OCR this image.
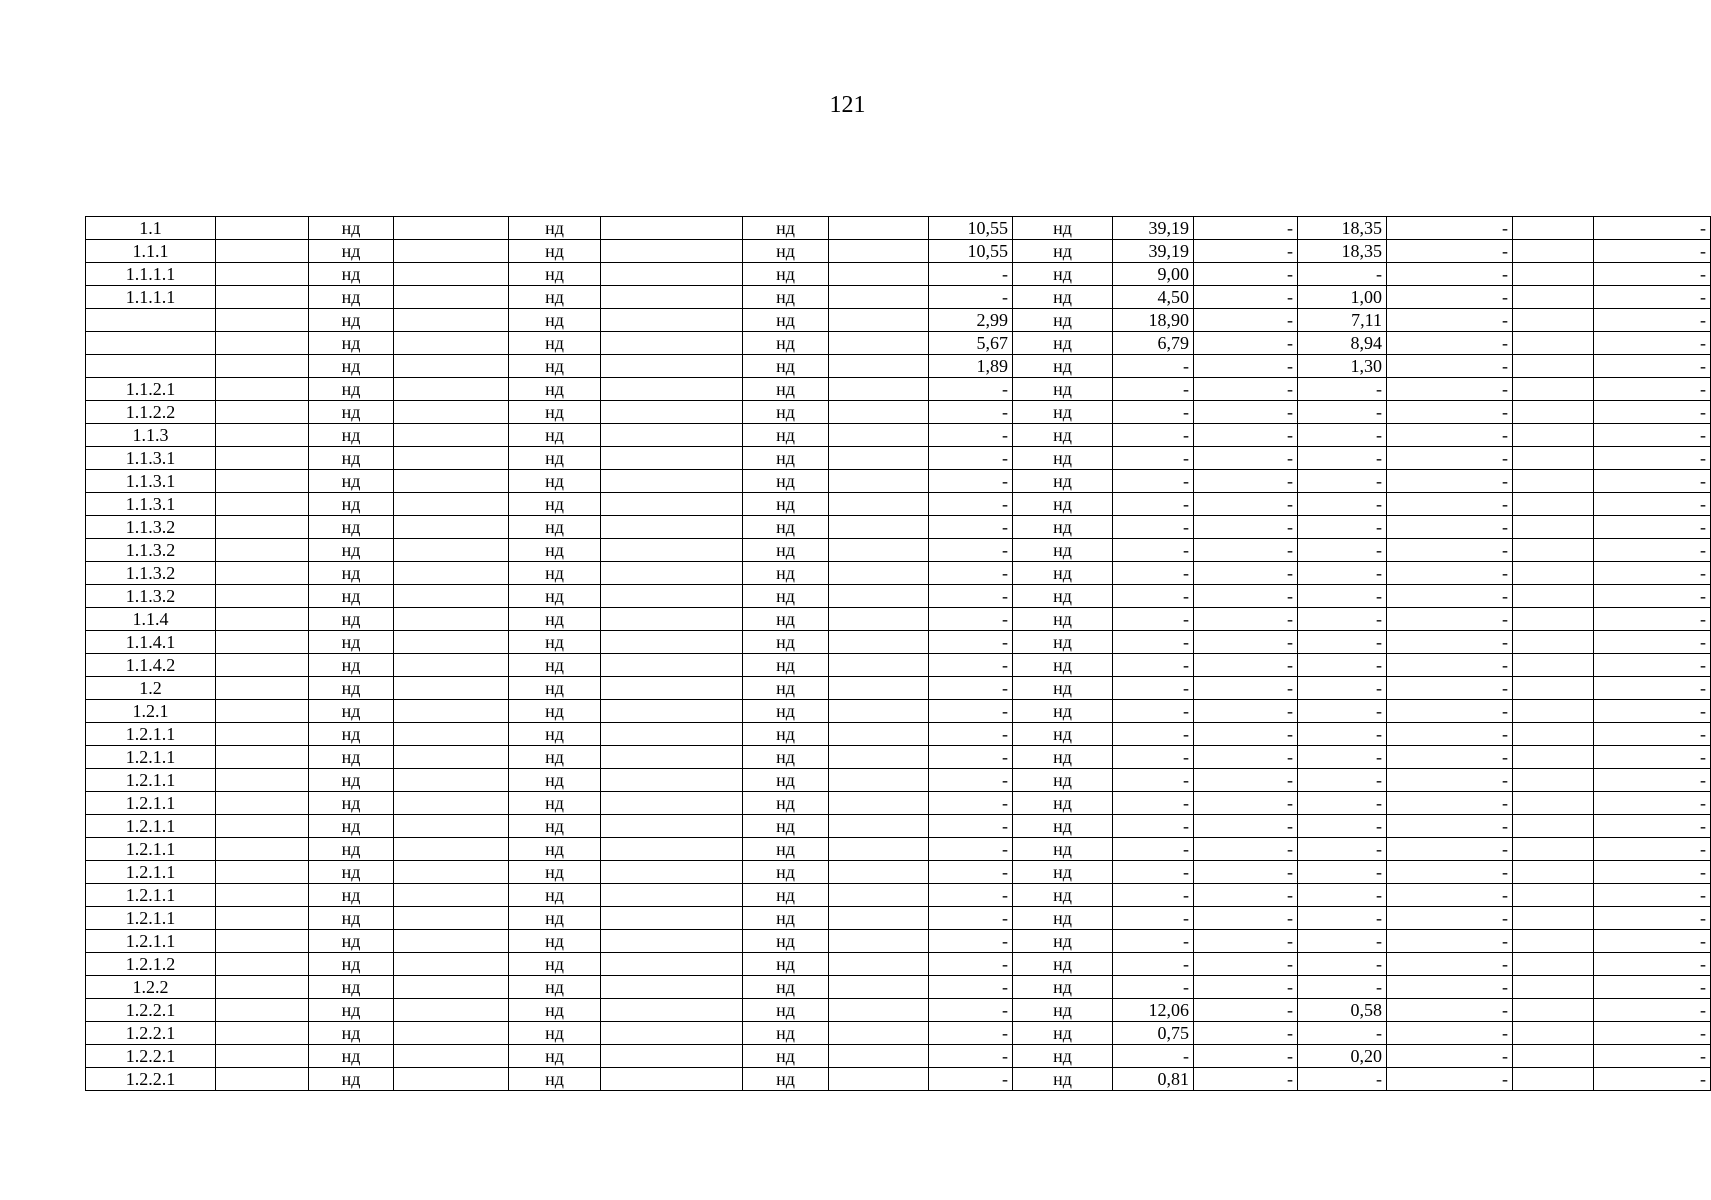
121
1.1		нд		нд		нд		10,55	нд	39,19	-	18,35	-		-
1.1.1		нд		нд		нд		10,55	нд	39,19	-	18,35	-		-
1.1.1.1		нд		нд		нд		-	нд	9,00	-	-	-		-
1.1.1.1		нд		нд		нд		-	нд	4,50	-	1,00	-		-
		нд		нд		нд		2,99	нд	18,90	-	7,11	-		-
		нд		нд		нд		5,67	нд	6,79	-	8,94	-		-
		нд		нд		нд		1,89	нд	-	-	1,30	-		-
1.1.2.1		нд		нд		нд		-	нд	-	-	-	-		-
1.1.2.2		нд		нд		нд		-	нд	-	-	-	-		-
1.1.3		нд		нд		нд		-	нд	-	-	-	-		-
1.1.3.1		нд		нд		нд		-	нд	-	-	-	-		-
1.1.3.1		нд		нд		нд		-	нд	-	-	-	-		-
1.1.3.1		нд		нд		нд		-	нд	-	-	-	-		-
1.1.3.2		нд		нд		нд		-	нд	-	-	-	-		-
1.1.3.2		нд		нд		нд		-	нд	-	-	-	-		-
1.1.3.2		нд		нд		нд		-	нд	-	-	-	-		-
1.1.3.2		нд		нд		нд		-	нд	-	-	-	-		-
1.1.4		нд		нд		нд		-	нд	-	-	-	-		-
1.1.4.1		нд		нд		нд		-	нд	-	-	-	-		-
1.1.4.2		нд		нд		нд		-	нд	-	-	-	-		-
1.2		нд		нд		нд		-	нд	-	-	-	-		-
1.2.1		нд		нд		нд		-	нд	-	-	-	-		-
1.2.1.1		нд		нд		нд		-	нд	-	-	-	-		-
1.2.1.1		нд		нд		нд		-	нд	-	-	-	-		-
1.2.1.1		нд		нд		нд		-	нд	-	-	-	-		-
1.2.1.1		нд		нд		нд		-	нд	-	-	-	-		-
1.2.1.1		нд		нд		нд		-	нд	-	-	-	-		-
1.2.1.1		нд		нд		нд		-	нд	-	-	-	-		-
1.2.1.1		нд		нд		нд		-	нд	-	-	-	-		-
1.2.1.1		нд		нд		нд		-	нд	-	-	-	-		-
1.2.1.1		нд		нд		нд		-	нд	-	-	-	-		-
1.2.1.1		нд		нд		нд		-	нд	-	-	-	-		-
1.2.1.2		нд		нд		нд		-	нд	-	-	-	-		-
1.2.2		нд		нд		нд		-	нд	-	-	-	-		-
1.2.2.1		нд		нд		нд		-	нд	12,06	-	0,58	-		-
1.2.2.1		нд		нд		нд		-	нд	0,75	-	-	-		-
1.2.2.1		нд		нд		нд		-	нд	-	-	0,20	-		-
1.2.2.1		нд		нд		нд		-	нд	0,81	-	-	-		-
